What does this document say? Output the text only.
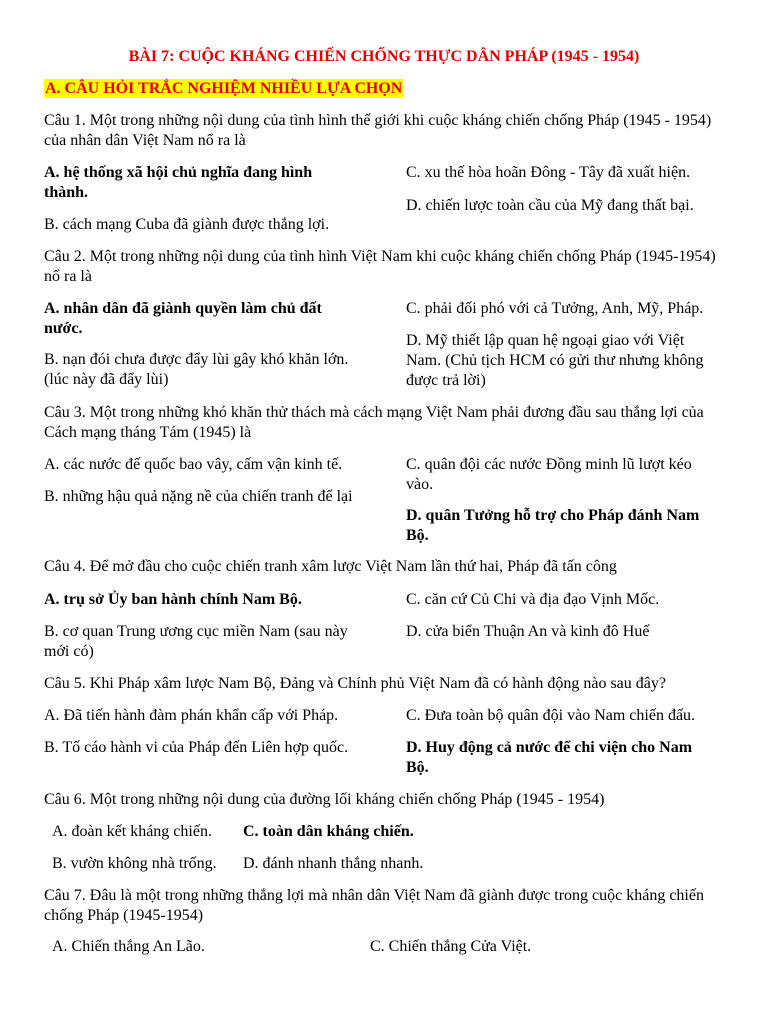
BÀI 7: CUỘC KHÁNG CHIẾN CHỐNG THỰC DÂN PHÁP (1945 - 1954)
A. CÂU HỎI TRẮC NGHIỆM NHIỀU LỰA CHỌN
Câu 1. Một trong những nội dung của tình hình thế giới khi cuộc kháng chiến chống Pháp (1945 - 1954) của nhân dân Việt Nam nổ ra là
A. hệ thống xã hội chủ nghĩa đang hình thành.
B. cách mạng Cuba đã giành được thắng lợi.
C. xu thế hòa hoãn Đông - Tây đã xuất hiện.
D. chiến lược toàn cầu của Mỹ đang thất bại.
Câu 2. Một trong những nội dung của tình hình Việt Nam khi cuộc kháng chiến chống Pháp (1945-1954) nổ ra là
A. nhân dân đã giành quyền làm chủ đất nước.
B. nạn đói chưa được đẩy lùi gây khó khăn lớn. (lúc này đã đẩy lùi)
C. phải đối phó với cả Tưởng, Anh, Mỹ, Pháp.
D. Mỹ thiết lập quan hệ ngoại giao với Việt Nam. (Chủ tịch HCM có gửi thư nhưng không được trả lời)
Câu 3. Một trong những khó khăn thử thách mà cách mạng Việt Nam phải đương đầu sau thắng lợi của Cách mạng tháng Tám (1945) là
A. các nước đế quốc bao vây, cấm vận kinh tế.
B. những hậu quả nặng nề của chiến tranh để lại
C. quân đội các nước Đồng minh lũ lượt kéo vào.
D. quân Tưởng hỗ trợ cho Pháp đánh Nam Bộ.
Câu 4. Để mở đầu cho cuộc chiến tranh xâm lược Việt Nam lần thứ hai, Pháp đã tấn công
A. trụ sở Ủy ban hành chính Nam Bộ.
B. cơ quan Trung ương cục miền Nam (sau này mới có)
C. căn cứ Củ Chi và địa đạo Vịnh Mốc.
D. cửa biển Thuận An và kinh đô Huế
Câu 5. Khi Pháp xâm lược Nam Bộ, Đảng và Chính phủ Việt Nam đã có hành động nào sau đây?
A. Đã tiến hành đàm phán khẩn cấp với Pháp.
B. Tố cáo hành vi của Pháp đến Liên hợp quốc.
C. Đưa toàn bộ quân đội vào Nam chiến đấu.
D. Huy động cả nước để chi viện cho Nam Bộ.
Câu 6. Một trong những nội dung của đường lối kháng chiến chống Pháp (1945 - 1954)
A. đoàn kết kháng chiến.
B. vườn không nhà trống.
C. toàn dân kháng chiến.
D. đánh nhanh thắng nhanh.
Câu 7. Đâu là một trong những thắng lợi mà nhân dân Việt Nam đã giành được trong cuộc kháng chiến chống Pháp (1945-1954)
A. Chiến thắng An Lão.	C. Chiến thắng Cửa Việt.
